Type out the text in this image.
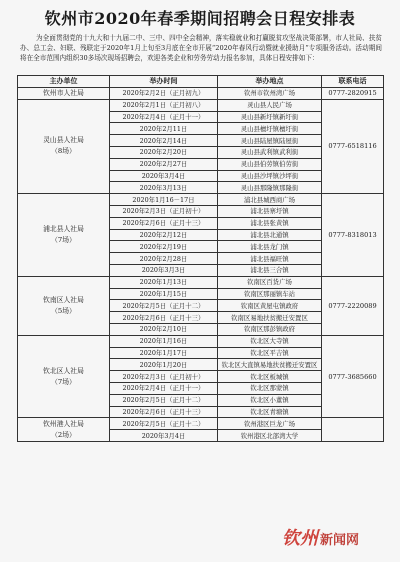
钦州市2020年春季期间招聘会日程安排表
为全面贯彻党的十九大和十九届二中、三中、四中全会精神，落实稳就业和打赢脱贫攻坚战决策部署，市人社局、扶贫办、总工会、妇联、残联定于2020年1月上旬至3月底在全市开展“2020年春风行动暨就业援助月”专项服务活动。活动期间将在全市范围内组织30多场次现场招聘会，欢迎各类企业和劳务劳动力报名参加，具体日程安排如下：
主办单位	举办时间	举办地点	联系电话

钦州市人社局	2020年2月2日（正月初九）	钦州市钦州湾广场	0777-2820915

灵山县人社局
（8场）	2020年2月1日（正月初八）	灵山县人民广场	0777-6518116
	2020年2月4日（正月十一）	灵山县新圩镇新圩街	
	2020年2月11日	灵山县檀圩镇檀圩街	
	2020年2月14日	灵山县陆屋镇陆屋街	
	2020年2月20日	灵山县武利镇武利街	
	2020年2月27日	灵山县伯劳镇伯劳街	
	2020年3月4日	灵山县沙坪镇沙坪街	
	2020年3月13日	灵山县那隆镇那隆街	

浦北县人社局
（7场）	2020年1月16－17日	浦北县城西商广场	0777-8318013
	2020年2月3日（正月初十）	浦北县寨圩镇	
	2020年2月6日（正月十三）	浦北县张黄镇	
	2020年2月12日	浦北县北通镇	
	2020年2月19日	浦北县龙门镇	
	2020年2月28日	浦北县福旺镇	
	2020年3月3日	浦北县三合镇	

钦南区人社局
（5场）	2020年1月13日	钦南区百货广场	0777-2220089
	2020年1月15日	钦南区那丽镇车站	
	2020年2月5日（正月十二）	钦南区黄屋屯镇政府	
	2020年2月6日（正月十三）	钦南区易地扶贫搬迁安置区	
	2020年2月10日	钦南区那彭镇政府	

钦北区人社局
（7场）	2020年1月16日	钦北区大寺镇	0777-3685660
	2020年1月17日	钦北区平吉镇	
	2020年1月20日	钦北区大直镇易地扶贫搬迁安置区	
	2020年2月3日（正月初十）	钦北区板城镇	
	2020年2月4日（正月十一）	钦北区那蒙镇	
	2020年2月5日（正月十二）	钦北区小董镇	
	2020年2月6日（正月十三）	钦北区青塘镇	

钦州港人社局
（2场）	2020年2月5日（正月十二）	钦州港区巨龙广场	
	2020年3月4日	钦州港区北部湾大学	
钦州 新闻网
